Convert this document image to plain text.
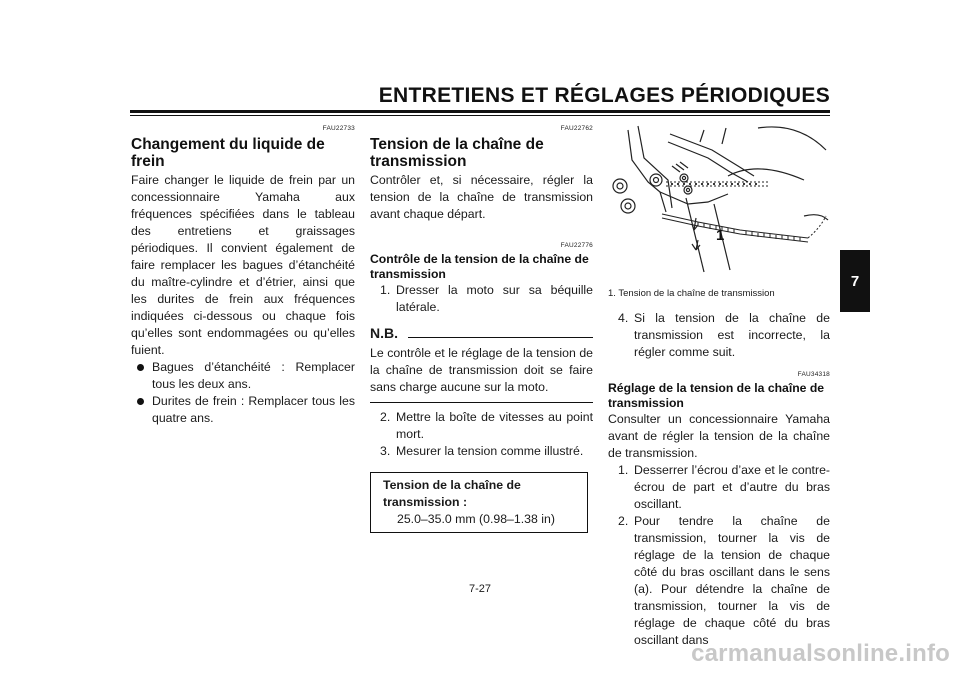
ENTRETIENS ET RÉGLAGES PÉRIODIQUES
7
FAU22733
Changement du liquide de frein

Faire changer le liquide de frein par un concessionnaire Yamaha aux fréquences spécifiées dans le tableau des entretiens et graissages périodiques. Il convient également de faire remplacer les bagues d’étanchéité du maître-cylindre et d’étrier, ainsi que les durites de frein aux fréquences indiquées ci-dessous ou chaque fois qu’elles sont endommagées ou qu’elles fuient.

Bagues d’étanchéité : Remplacer tous les deux ans.
Durites de frein : Remplacer tous les quatre ans.
FAU22762
Tension de la chaîne de transmission

Contrôler et, si nécessaire, régler la tension de la chaîne de transmission avant chaque départ.

FAU22776
Contrôle de la tension de la chaîne de transmission
1. Dresser la moto sur sa béquille latérale.
N.B.

Le contrôle et le réglage de la tension de la chaîne de transmission doit se faire sans charge aucune sur la moto.

2. Mettre la boîte de vitesses au point mort.
3. Mesurer la tension comme illustré.
Tension de la chaîne de transmission :
25.0–35.0 mm (0.98–1.38 in)
1
1. Tension de la chaîne de transmission
4. Si la tension de la chaîne de transmission est incorrecte, la régler comme suit.
FAU34318
Réglage de la tension de la chaîne de transmission

Consulter un concessionnaire Yamaha avant de régler la tension de la chaîne de transmission.

1. Desserrer l’écrou d’axe et le contre-écrou de part et d’autre du bras oscillant.
2. Pour tendre la chaîne de transmission, tourner la vis de réglage de la tension de chaque côté du bras oscillant dans le sens (a). Pour détendre la chaîne de transmission, tourner la vis de réglage de chaque côté du bras oscillant dans
7-27
carmanualsonline.info
